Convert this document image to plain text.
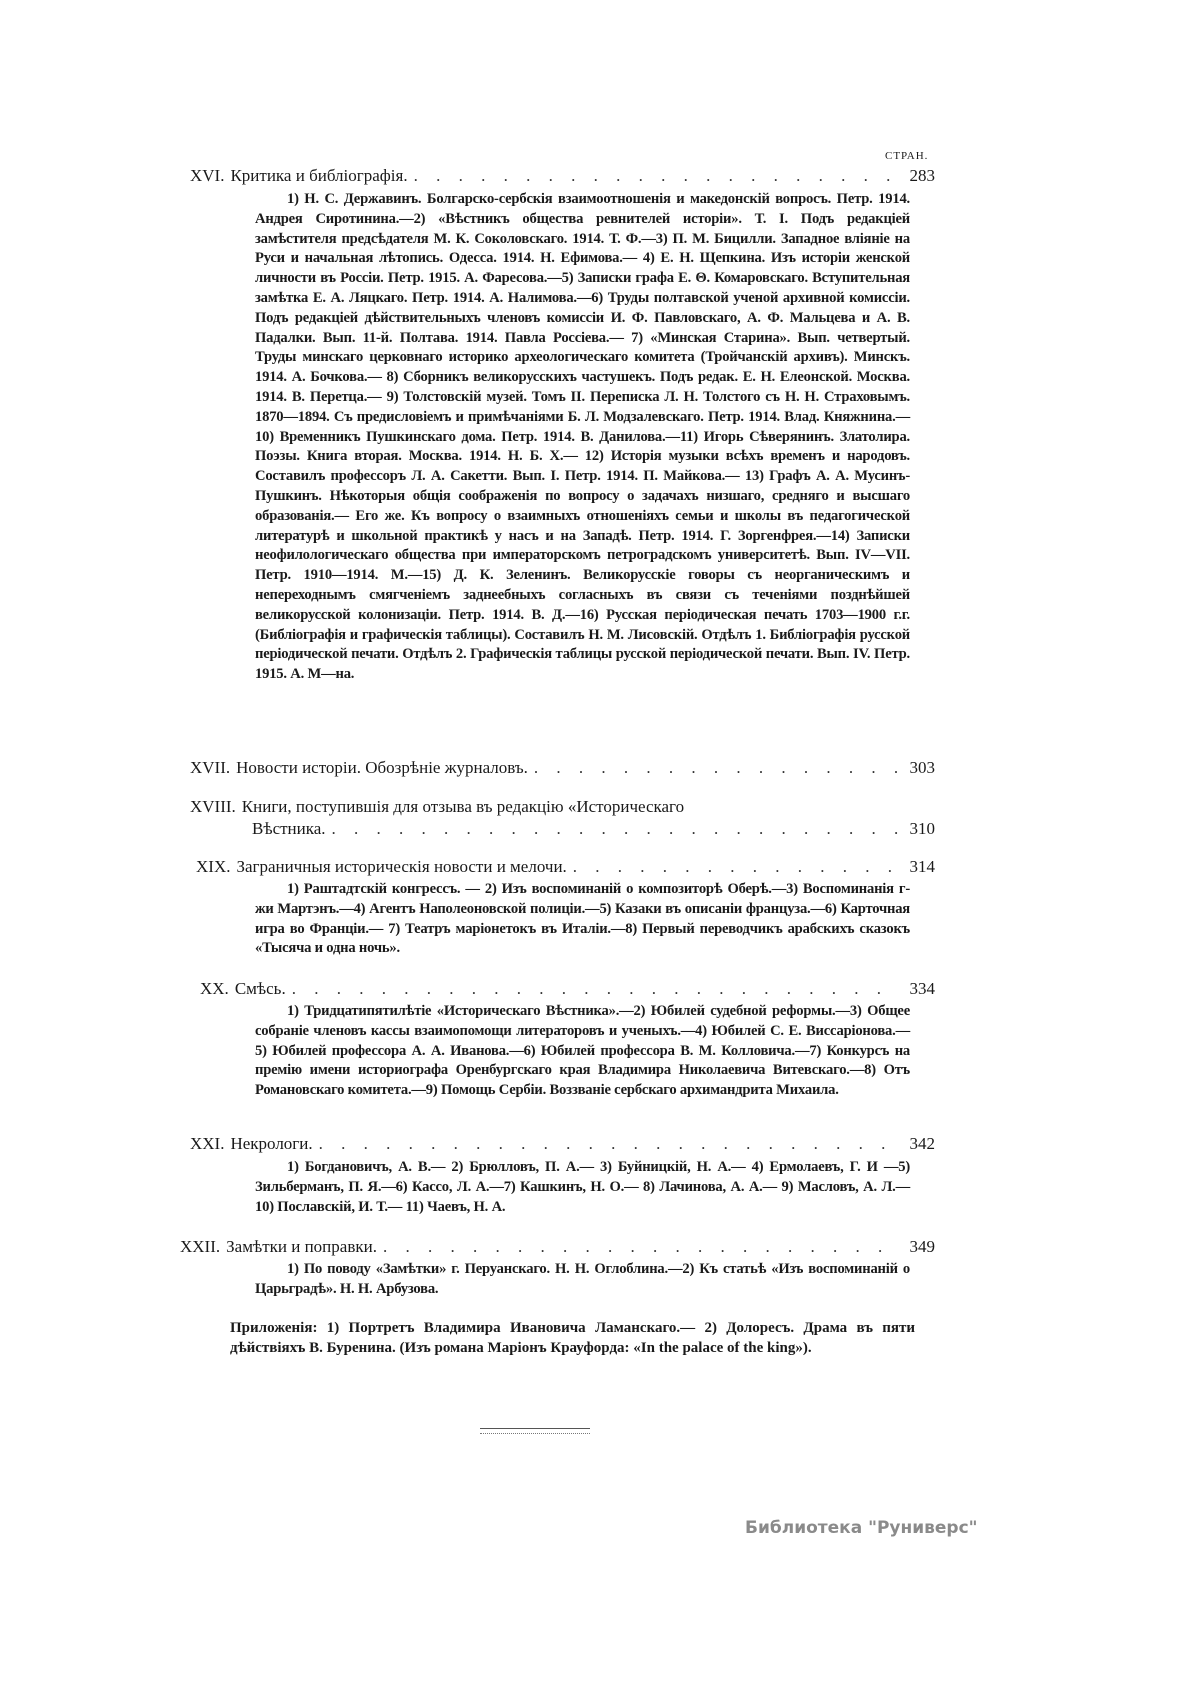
СТРАН.
XVI. Критика и библіографія. . . .	283
1) Н. С. Державинъ. Болгарско-сербскія взаимоотношенія и македонскій вопросъ. Петр. 1914. Андрея Сиротинина.—2) «Вѣстникъ общества ревнителей исторіи». Т. I. Подъ редакціей замѣстителя предсѣдателя М. К. Соколовскаго. 1914. Т. Ф.—3) П. М. Бицилли. Западное вліяніе на Руси и начальная лѣтопись. Одесса. 1914. Н. Ефимова.— 4) Е. Н. Щепкина. Изъ исторіи женской личности въ Россіи. Петр. 1915. А. Фаресова.—5) Записки графа Е. Θ. Комаровскаго. Вступительная замѣтка Е. А. Ляцкаго. Петр. 1914. А. Налимова.—6) Труды полтавской ученой архивной комиссіи. Подъ редакціей дѣйствительныхъ членовъ комиссіи И. Ф. Павловскаго, А. Ф. Мальцева и А. В. Падалки. Вып. 11-й. Полтава. 1914. Павла Россіева.— 7) «Минская Старина». Вып. четвертый. Труды минскаго церковнаго историко археологическаго комитета (Тройчанскій архивъ). Минскъ. 1914. А. Бочкова.— 8) Сборникъ великорусскихъ частушекъ. Подъ редак. Е. Н. Елеонской. Москва. 1914. В. Перетца.— 9) Толстовскій музей. Томъ II. Переписка Л. Н. Толстого съ Н. Н. Страховымъ. 1870—1894. Съ предисловіемъ и примѣчаніями Б. Л. Модзалевскаго. Петр. 1914. Влад. Княжнина.— 10) Временникъ Пушкинскаго дома. Петр. 1914. В. Данилова.—11) Игорь Сѣверянинъ. Златолира. Поэзы. Книга вторая. Москва. 1914. Н. Б. Х.— 12) Исторія музыки всѣхъ временъ и народовъ. Составилъ профессоръ Л. А. Сакетти. Вып. I. Петр. 1914. П. Майкова.— 13) Графъ А. А. Мусинъ-Пушкинъ. Нѣкоторыя общія соображенія по вопросу о задачахъ низшаго, средняго и высшаго образованія.— Его же. Къ вопросу о взаимныхъ отношеніяхъ семьи и школы въ педагогической литературѣ и школьной практикѣ у насъ и на Западѣ. Петр. 1914. Г. Зоргенфрея.—14) Записки неофилологическаго общества при императорскомъ петроградскомъ университетѣ. Вып. IV—VII. Петр. 1910—1914. М.—15) Д. К. Зеленинъ. Великорусскіе говоры съ неорганическимъ и непереходнымъ смягченіемъ заднеебныхъ согласныхъ въ связи съ теченіями позднѣйшей великорусской колонизаціи. Петр. 1914. В. Д.—16) Русская періодическая печать 1703—1900 г.г. (Библіографія и графическія таблицы). Составилъ Н. М. Лисовскій. Отдѣлъ 1. Библіографія русской періодической печати. Отдѣлъ 2. Графическія таблицы русской періодической печати. Вып. IV. Петр. 1915. А. М—на.
XVII. Новости исторіи. Обозрѣніе журналовъ. . . .	303
XVIII. Книги, поступившія для отзыва въ редакцію «Историческаго
Вѣстника. . . .	310
XIX. Заграничныя историческія новости и мелочи. . . .	314
1) Раштадтскій конгрессъ. — 2) Изъ воспоминаній о композиторѣ Оберѣ.—3) Воспоминанія г-жи Мартэнъ.—4) Агентъ Наполеоновской полиціи.—5) Казаки въ описаніи француза.—6) Карточная игра во Франціи.— 7) Театръ маріонетокъ въ Италіи.—8) Первый переводчикъ арабскихъ сказокъ «Тысяча и одна ночь».
XX. Смѣсь. . . .	334
1) Тридцатипятилѣтіе «Историческаго Вѣстника».—2) Юбилей судебной реформы.—3) Общее собраніе членовъ кассы взаимопомощи литераторовъ и ученыхъ.—4) Юбилей С. Е. Виссаріонова.— 5) Юбилей профессора А. А. Иванова.—6) Юбилей профессора В. М. Колловича.—7) Конкурсъ на премію имени историографа Оренбургскаго края Владимира Николаевича Витевскаго.—8) Отъ Романовскаго комитета.—9) Помощь Сербіи. Воззваніе сербскаго архимандрита Михаила.
XXI. Некрологи. . . .	342
1) Богдановичъ, А. В.— 2) Брюлловъ, П. А.— 3) Буйницкій, Н. А.— 4) Ермолаевъ, Г. И —5) Зильберманъ, П. Я.—6) Кассо, Л. А.—7) Кашкинъ, Н. О.— 8) Лачинова, А. А.— 9) Масловъ, А. Л.— 10) Пославскій, И. Т.— 11) Чаевъ, Н. А.
XXII. Замѣтки и поправки. . . .	349
1) По поводу «Замѣтки» г. Перуанскаго. Н. Н. Оглоблина.—2) Къ статьѣ «Изъ воспоминаній о Царьградѣ». Н. Н. Арбузова.
Приложенія: 1) Портретъ Владимира Ивановича Ламанскаго.— 2) Долоресъ. Драма въ пяти дѣйствіяхъ В. Буренина. (Изъ романа Маріонъ Крауфорда: «In the palace of the king»).
Библиотека "Руниверс"
